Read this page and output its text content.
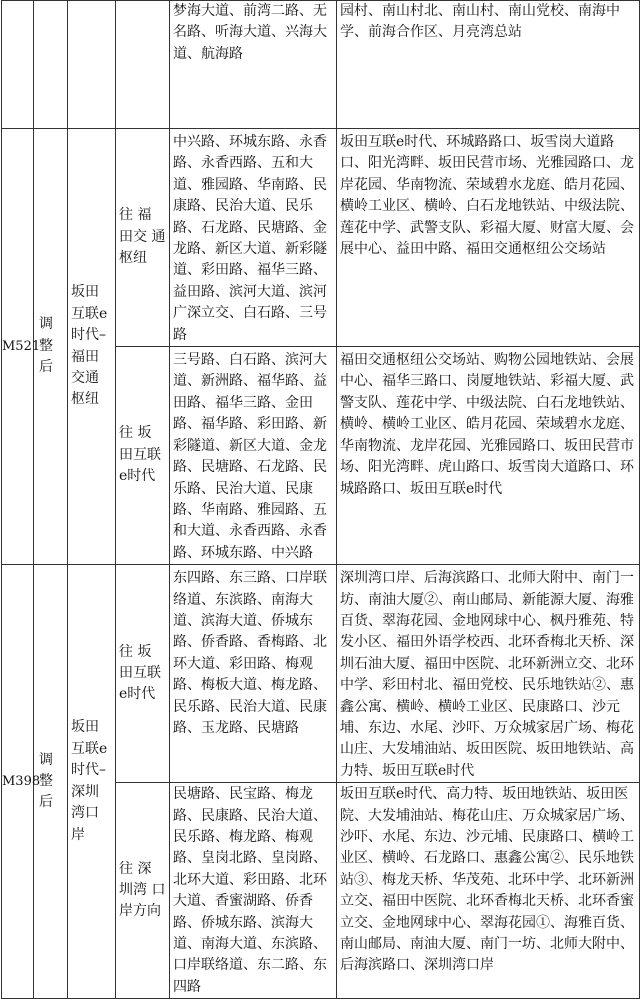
				梦海大道、前湾二路、无名路、听海大道、兴海大道、航海路	园村、南山村北、南山村、南山党校、南海中学、前海合作区、月亮湾总站
M521	调 整后	坂田互联e时代–福田交通枢纽	往 福 田交 通 枢纽	中兴路、环城东路、永香路、永香西路、五和大道、雅园路、华南路、民康路、民治大道、民乐路、石龙路、民塘路、金龙路、新区大道、新彩隧道、彩田路、福华三路、益田路、滨河大道、滨河广深立交、白石路、三号路	坂田互联e时代、环城路路口、坂雪岗大道路口、阳光湾畔、坂田民营市场、光雅园路口、龙岸花园、华南物流、荣域碧水龙庭、皓月花园、横岭工业区、横岭、白石龙地铁站、中级法院、莲花中学、武警支队、彩福大厦、财富大厦、会展中心、益田中路、福田交通枢纽公交场站
			往 坂 田互联e时代	三号路、白石路、滨河大道、新洲路、福华路、益田路、福华三路、金田路、福华路、彩田路、新彩隧道、新区大道、金龙路、民塘路、石龙路、民乐路、民治大道、民康路、华南路、雅园路、五和大道、永香西路、永香路、环城东路、中兴路	福田交通枢纽公交场站、购物公园地铁站、会展中心、福华三路口、岗厦地铁站、彩福大厦、武警支队、莲花中学、中级法院、白石龙地铁站、横岭、横岭工业区、皓月花园、荣域碧水龙庭、华南物流、龙岸花园、光雅园路口、坂田民营市场、阳光湾畔、虎山路口、坂雪岗大道路口、环城路路口、坂田互联e时代
M398	调 整后	坂田互联e时代–深圳湾口岸	往 坂 田互联e时代	东四路、东三路、口岸联络道、东滨路、南海大道、滨海大道、侨城东路、侨香路、香梅路、北环大道、彩田路、梅观路、梅板大道、梅龙路、民乐路、民治大道、民康路、玉龙路、民塘路	深圳湾口岸、后海滨路口、北师大附中、南门一坊、南油大厦②、南山邮局、新能源大厦、海雅百货、翠海花园、金地网球中心、枫丹雅苑、特发小区、福田外语学校西、北环香梅北天桥、深圳石油大厦、福田中医院、北环新洲立交、北环中学、彩田村北、福田党校、民乐地铁站②、惠鑫公寓、横岭、横岭工业区、民康路口、沙元埔、东边、水尾、沙吓、万众城家居广场、梅花山庄、大发埔油站、坂田医院、坂田地铁站、高力特、坂田互联e时代
			往 深 圳湾 口 岸方向	民塘路、民宝路、梅龙路、民康路、民治大道、民乐路、梅龙路、梅观路、皇岗北路、皇岗路、北环大道、彩田路、北环大道、香蜜湖路、侨香路、侨城东路、滨海大道、南海大道、东滨路、口岸联络道、东二路、东四路	坂田互联e时代、高力特、坂田地铁站、坂田医院、大发埔油站、梅花山庄、万众城家居广场、沙吓、水尾、东边、沙元埔、民康路口、横岭工业区、横岭、石龙路口、惠鑫公寓②、民乐地铁站③、梅龙天桥、华茂苑、北环中学、北环新洲立交、福田中医院、北环香梅北天桥、北环香蜜立交、金地网球中心、翠海花园①、海雅百货、南山邮局、南油大厦、南门一坊、北师大附中、后海滨路口、深圳湾口岸
